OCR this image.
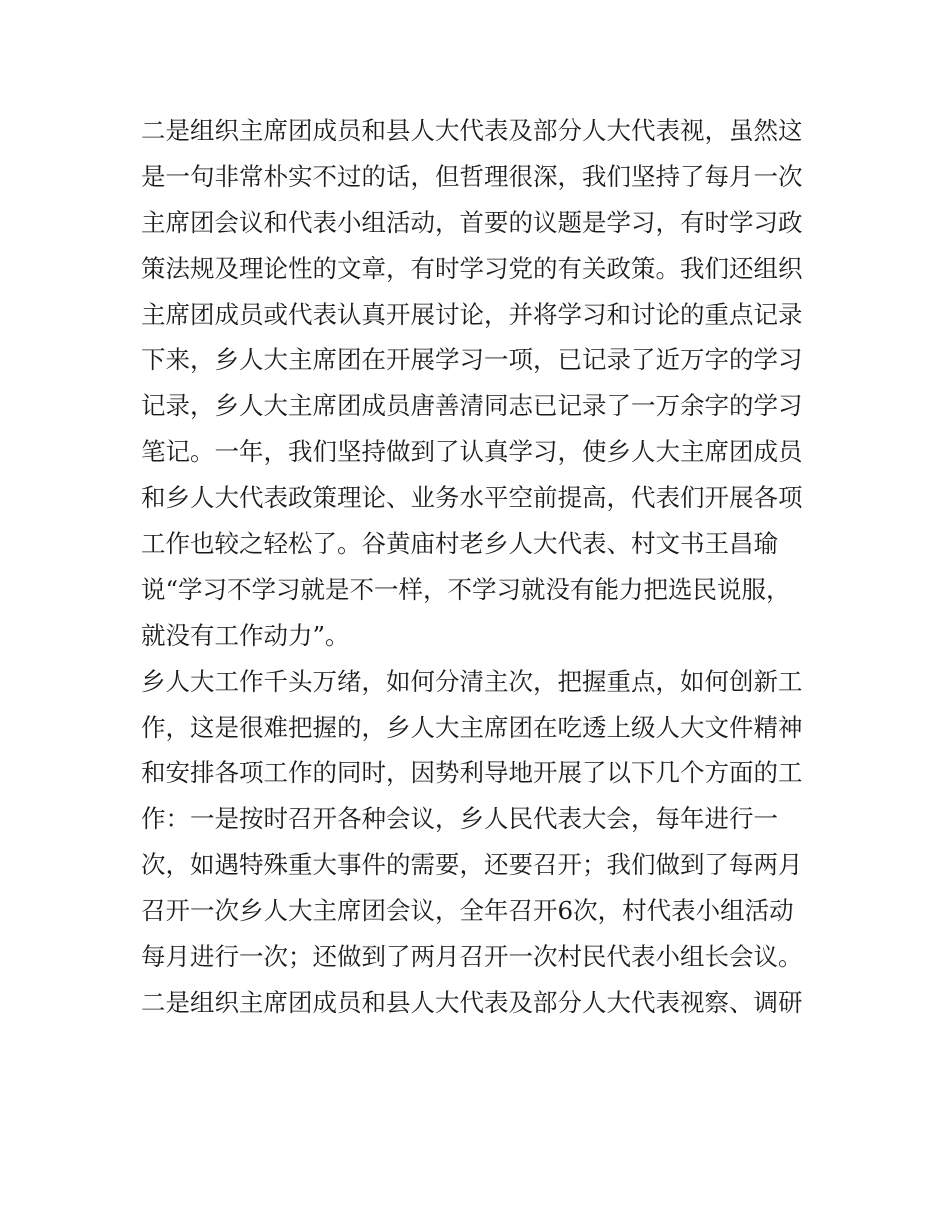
二是组织主席团成员和县人大代表及部分人大代表视，虽然这
是一句非常朴实不过的话，但哲理很深，我们坚持了每月一次
主席团会议和代表小组活动，首要的议题是学习，有时学习政
策法规及理论性的文章，有时学习党的有关政策。我们还组织
主席团成员或代表认真开展讨论，并将学习和讨论的重点记录
下来，乡人大主席团在开展学习一项，已记录了近万字的学习
记录，乡人大主席团成员唐善清同志已记录了一万余字的学习
笔记。一年，我们坚持做到了认真学习，使乡人大主席团成员
和乡人大代表政策理论、业务水平空前提高，代表们开展各项
工作也较之轻松了。谷黄庙村老乡人大代表、村文书王昌瑜
说“学习不学习就是不一样，不学习就没有能力把选民说服，
就没有工作动力”。
乡人大工作千头万绪，如何分清主次，把握重点，如何创新工
作，这是很难把握的，乡人大主席团在吃透上级人大文件精神
和安排各项工作的同时，因势利导地开展了以下几个方面的工
作：一是按时召开各种会议，乡人民代表大会，每年进行一
次，如遇特殊重大事件的需要，还要召开；我们做到了每两月
召开一次乡人大主席团会议，全年召开6次，村代表小组活动
每月进行一次；还做到了两月召开一次村民代表小组长会议。
二是组织主席团成员和县人大代表及部分人大代表视察、调研
